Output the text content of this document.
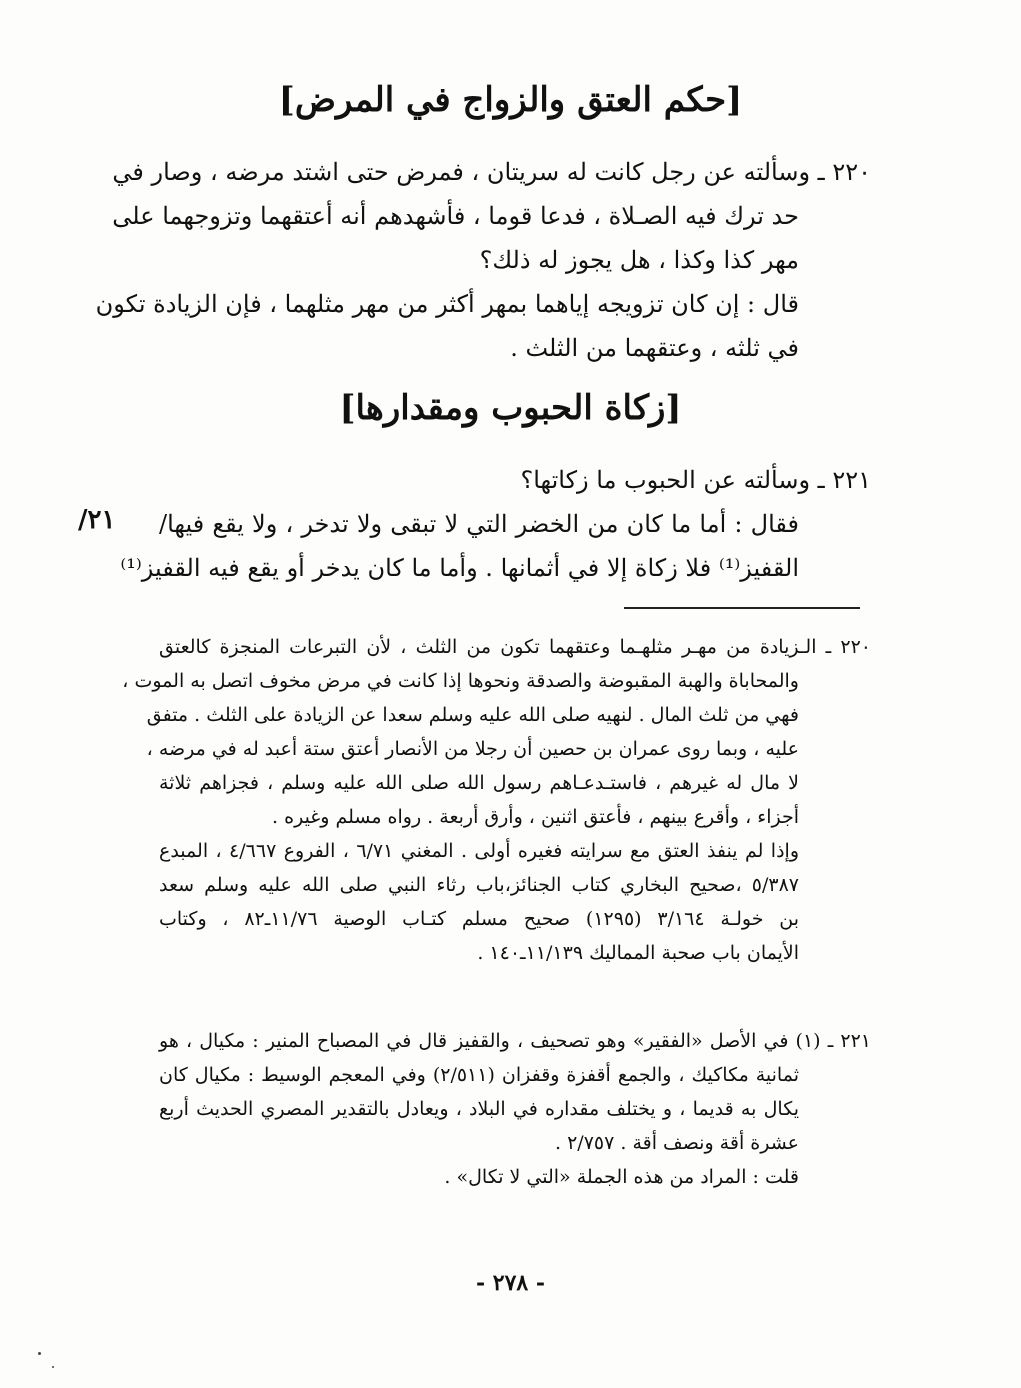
[حكم العتق والزواج في المرض]
٢٢٠ ـ وسألته عن رجل كانت له سريتان ، فمرض حتى اشتد مرضه ، وصار في
حد ترك فيه الصـلاة ، فدعا قوما ، فأشهدهم أنه أعتقهما وتزوجهما على
مهر كذا وكذا ، هل يجوز له ذلك؟
قال : إن كان تزويجه إياهما بمهر أكثر من مهر مثلهما ، فإن الزيادة تكون
في ثلثه ، وعتقهما من الثلث .
[زكاة الحبوب ومقدارها]
٢٢١ ـ وسألته عن الحبوب ما زكاتها؟
فقال : أما ما كان من الخضر التي لا تبقى ولا تدخر ، ولا يقع فيها/
القفيز⁽¹⁾ فلا زكاة إلا في أثمانها . وأما ما كان يدخر أو يقع فيه القفيز⁽¹⁾
/٢١
٢٢٠ ـ الـزيادة من مهـر مثلهـما وعتقهما تكون من الثلث ، لأن التبرعات المنجزة كالعتق
والمحاباة والهبة المقبوضة والصدقة ونحوها إذا كانت في مرض مخوف اتصل به الموت ،
فهي من ثلث المال . لنهيه صلى الله عليه وسلم سعدا عن الزيادة على الثلث . متفق
عليه ، وبما روى عمران بن حصين أن رجلا من الأنصار أعتق ستة أعبد له في مرضه ،
لا مال له غيرهم ، فاستـدعـاهم رسول الله صلى الله عليه وسلم ، فجزاهم ثلاثة
أجزاء ، وأقرع بينهم ، فأعتق اثنين ، وأرق أربعة . رواه مسلم وغيره .
وإذا لم ينفذ العتق مع سرايته فغيره أولى . المغني ٦/٧١ ، الفروع ٤/٦٦٧ ، المبدع
٥/٣٨٧ ،صحيح البخاري كتاب الجنائز،باب رثاء النبي صلى الله عليه وسلم سعد
بن خولـة ٣/١٦٤ (١٢٩٥) صحيح مسلم كتـاب الوصية ١١/٧٦ـ٨٢ ، وكتاب
الأيمان باب صحبة المماليك ١١/١٣٩ـ١٤٠ .
٢٢١ ـ (١) في الأصل «الفقير» وهو تصحيف ، والقفيز قال في المصباح المنير : مكيال ، هو
ثمانية مكاكيك ، والجمع أقفزة وقفزان (٢/٥١١) وفي المعجم الوسيط : مكيال كان
يكال به قديما ، و يختلف مقداره في البلاد ، ويعادل بالتقدير المصري الحديث أربع
عشرة أقة ونصف أقة . ٢/٧٥٧ .
قلت : المراد من هذه الجملة «التي لا تكال» .
- ٢٧٨ -
